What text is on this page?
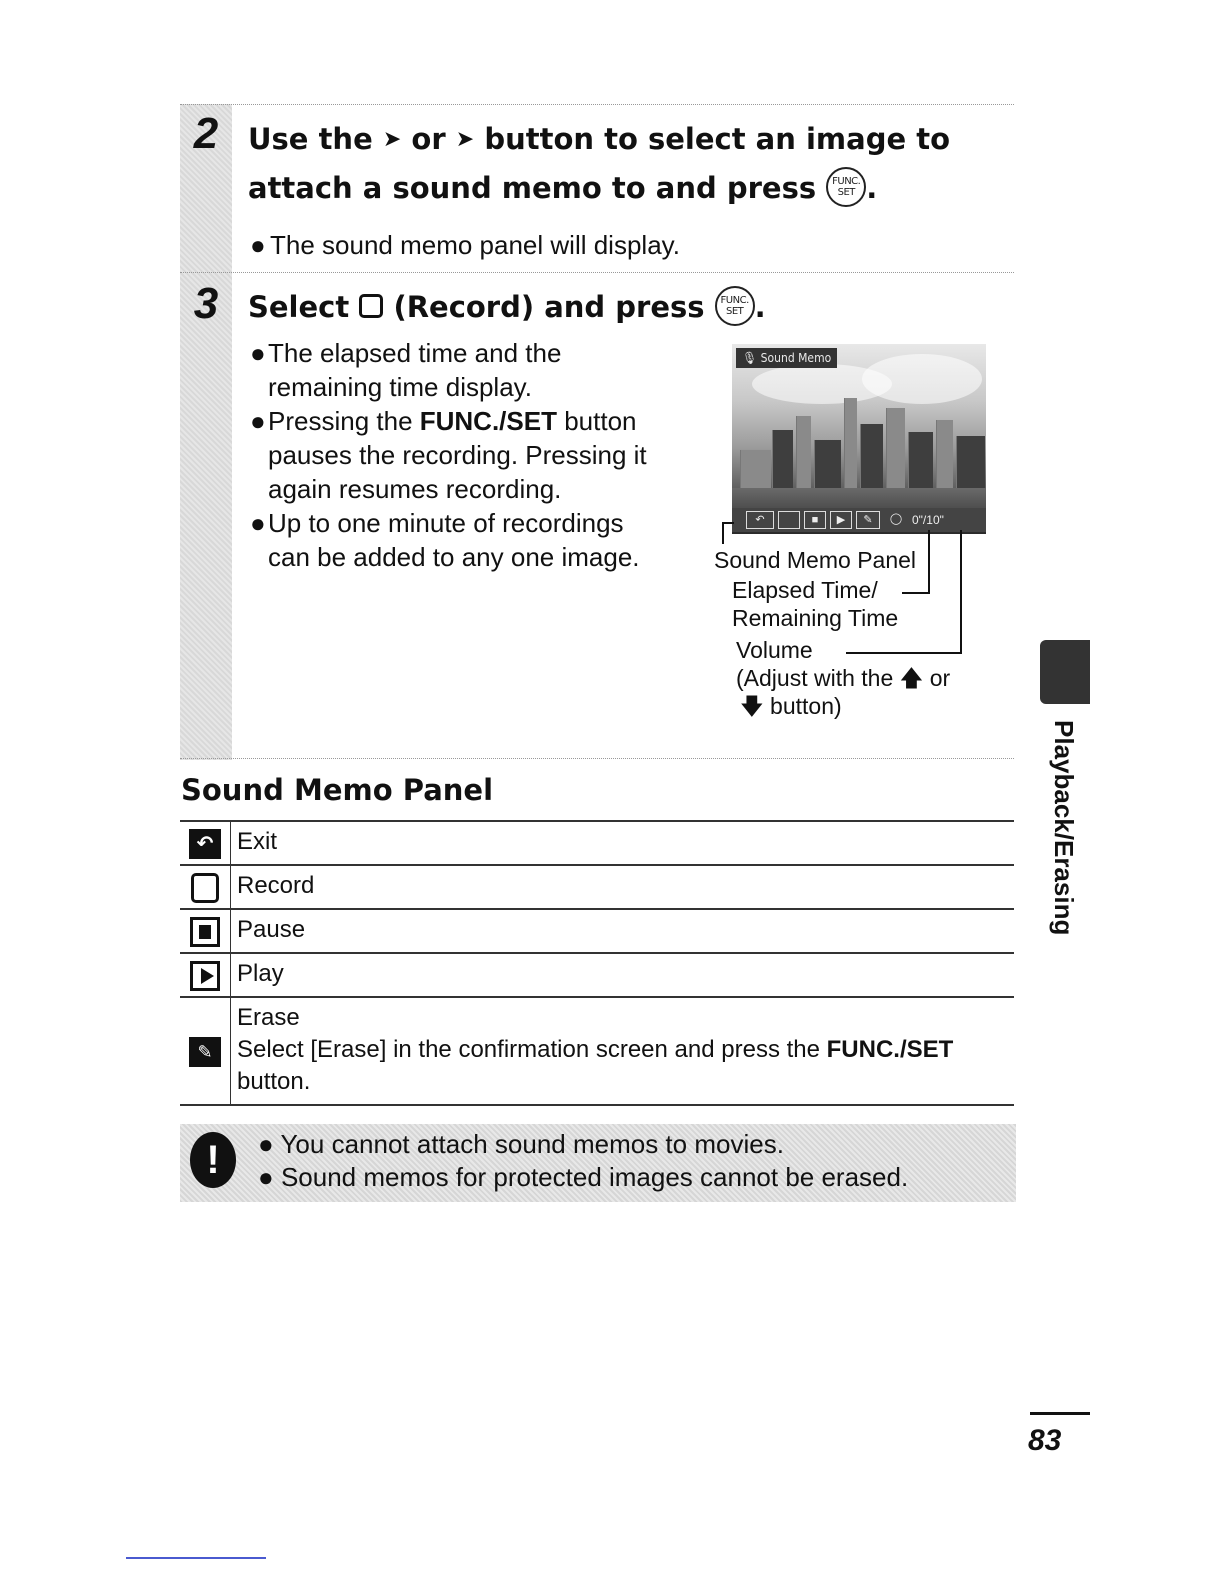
2	Use the ➤ or ➤ button to select an image to
attach a sound memo to and press	FUNC.
SET .
● The sound memo panel will display.
3	Select (Record) and press	FUNC.
SET .
● The elapsed time and the
remaining time display.
● Pressing the FUNC./SET button
pauses the recording. Pressing it
again resumes recording.
● Up to one minute of recordings
can be added to any one image.
🎙 Sound Memo
↶	■	▶	✎	◯ 0"/10"
Sound Memo Panel
Elapsed Time/
Remaining Time
Volume
(Adjust with the 🡅 or
🡇 button)
Sound Memo Panel
↶	Exit
	Record
	Pause
	Play
✎	Erase
Select [Erase] in the confirmation screen and press the FUNC./SET
button.
!	● You cannot attach sound memos to movies.
● Sound memos for protected images cannot be erased.
Playback/Erasing
83
